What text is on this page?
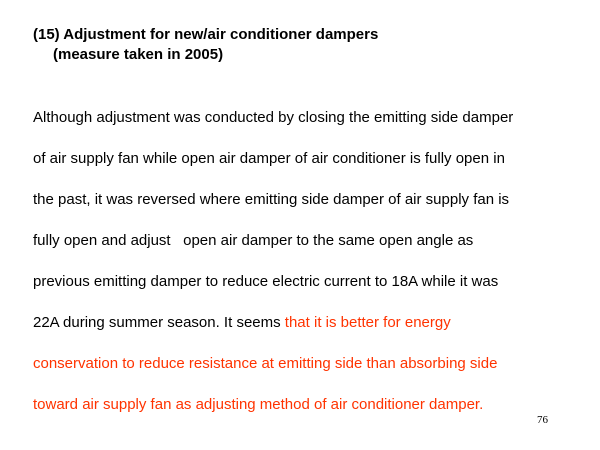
(15) Adjustment for new/air conditioner dampers
(measure taken in 2005)

Although adjustment was conducted by closing the emitting side damper

of air supply fan while open air damper of air conditioner is fully open in

the past, it was reversed where emitting side damper of air supply fan is

fully open and adjust   open air damper to the same open angle as

previous emitting damper to reduce electric current to 18A while it was

22A during summer season. It seems that it is better for energy

conservation to reduce resistance at emitting side than absorbing side

toward air supply fan as adjusting method of air conditioner damper.

76
